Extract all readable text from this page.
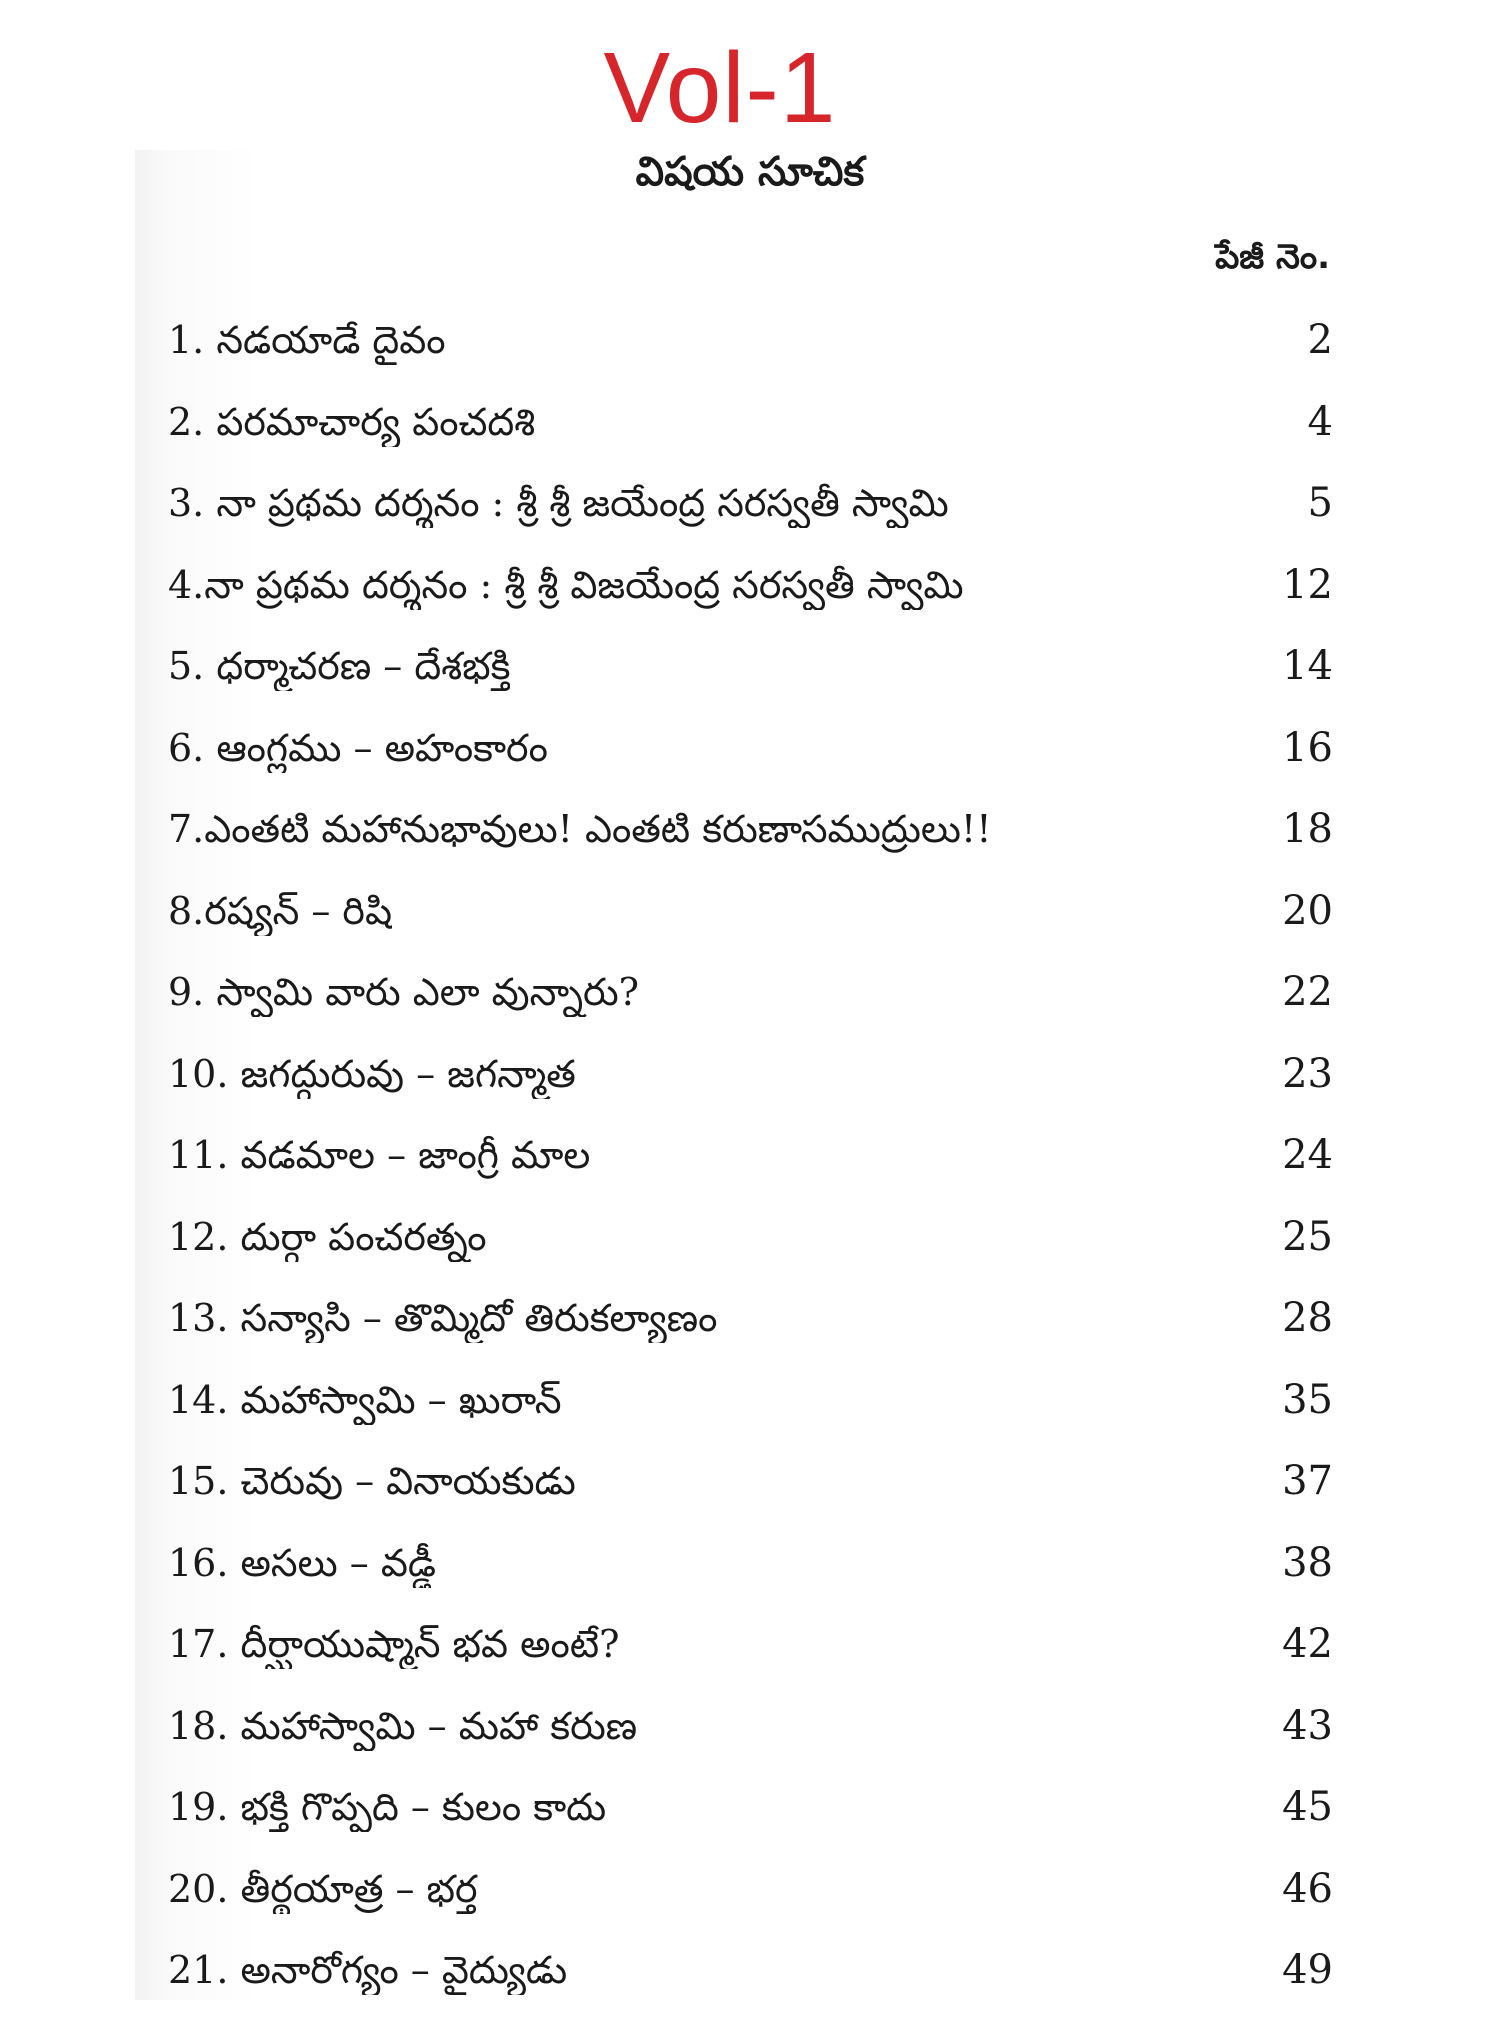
Vol-1
విషయ సూచిక
పేజీ నెం.
1. నడయాడే దైవం	2
2. పరమాచార్య పంచదశి	4
3. నా ప్రథమ దర్శనం : శ్రీ శ్రీ జయేంద్ర సరస్వతీ స్వామి	5
4.నా ప్రథమ దర్శనం : శ్రీ శ్రీ విజయేంద్ర సరస్వతీ స్వామి	12
5. ధర్మాచరణ – దేశభక్తి	14
6. ఆంగ్లము – అహంకారం	16
7.ఎంతటి మహానుభావులు! ఎంతటి కరుణాసముద్రులు!!	18
8.రష్యన్ – రిషి	20
9. స్వామి వారు ఎలా వున్నారు?	22
10. జగద్గురువు – జగన్మాత	23
11. వడమాల – జాంగ్రీ మాల	24
12. దుర్గా పంచరత్నం	25
13. సన్యాసి – తొమ్మిదో తిరుకల్యాణం	28
14. మహాస్వామి – ఖురాన్	35
15. చెరువు – వినాయకుడు	37
16. అసలు – వడ్డీ	38
17. దీర్ఘాయుష్మాన్ భవ అంటే?	42
18. మహాస్వామి – మహా కరుణ	43
19. భక్తి గొప్పది – కులం కాదు	45
20. తీర్థయాత్ర – భర్త	46
21. అనారోగ్యం – వైద్యుడు	49
